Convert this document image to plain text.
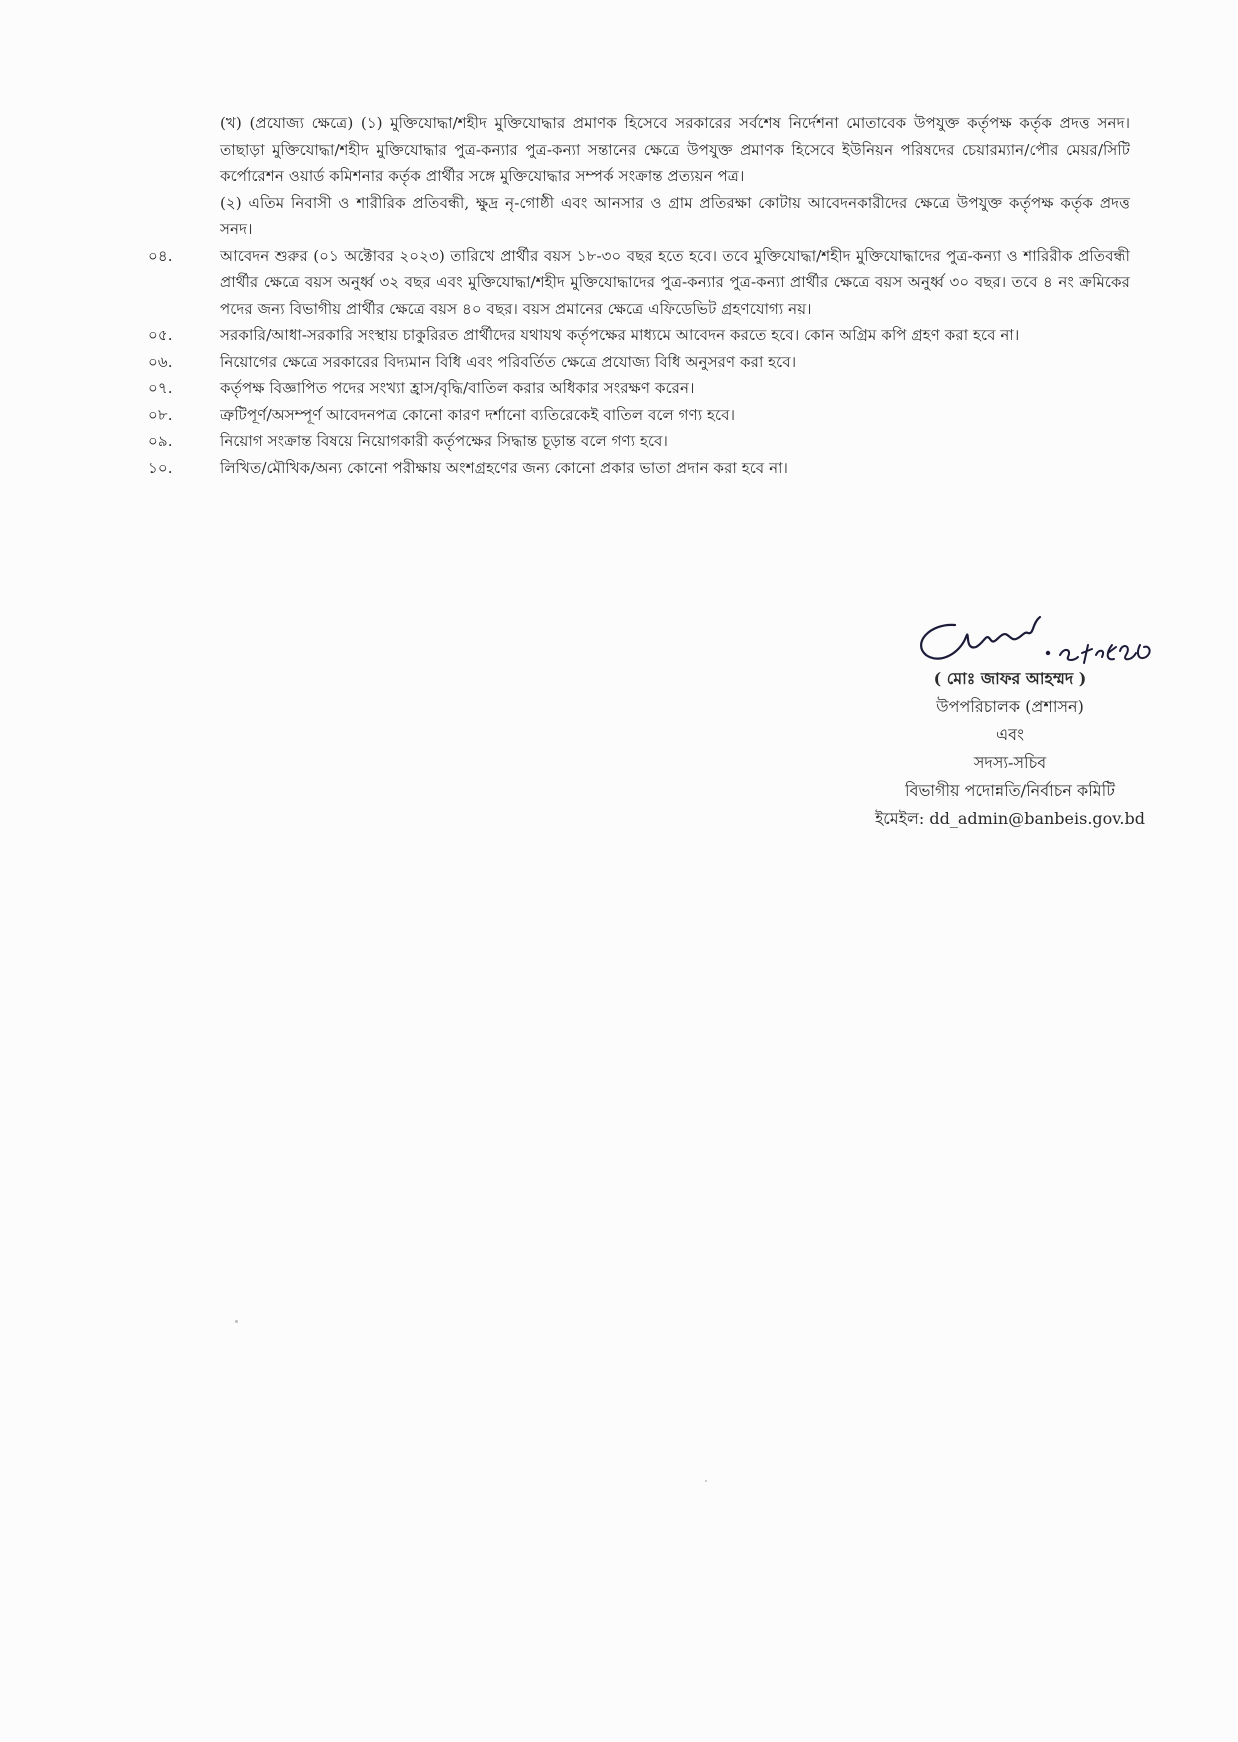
(খ) (প্রযোজ্য ক্ষেত্রে) (১) মুক্তিযোদ্ধা/শহীদ মুক্তিযোদ্ধার প্রমাণক হিসেবে সরকারের সর্বশেষ নির্দেশনা মোতাবেক উপযুক্ত কর্তৃপক্ষ কর্তৃক প্রদত্ত সনদ। তাছাড়া মুক্তিযোদ্ধা/শহীদ মুক্তিযোদ্ধার পুত্র-কন্যার পুত্র-কন্যা সন্তানের ক্ষেত্রে উপযুক্ত প্রমাণক হিসেবে ইউনিয়ন পরিষদের চেয়ারম্যান/পৌর মেয়র/সিটি কর্পোরেশন ওয়ার্ড কমিশনার কর্তৃক প্রার্থীর সঙ্গে মুক্তিযোদ্ধার সম্পর্ক সংক্রান্ত প্রত্যয়ন পত্র।
(২) এতিম নিবাসী ও শারীরিক প্রতিবন্ধী, ক্ষুদ্র নৃ-গোষ্ঠী এবং আনসার ও গ্রাম প্রতিরক্ষা কোটায় আবেদনকারীদের ক্ষেত্রে উপযুক্ত কর্তৃপক্ষ কর্তৃক প্রদত্ত সনদ।
০৪.	আবেদন শুরুর (০১ অক্টোবর ২০২৩) তারিখে প্রার্থীর বয়স ১৮-৩০ বছর হতে হবে। তবে মুক্তিযোদ্ধা/শহীদ মুক্তিযোদ্ধাদের পুত্র-কন্যা ও শারিরীক প্রতিবন্ধী প্রার্থীর ক্ষেত্রে বয়স অনুর্ধ্ব ৩২ বছর এবং মুক্তিযোদ্ধা/শহীদ মুক্তিযোদ্ধাদের পুত্র-কন্যার পুত্র-কন্যা প্রার্থীর ক্ষেত্রে বয়স অনুর্ধ্ব ৩০ বছর। তবে ৪ নং ক্রমিকের পদের জন্য বিভাগীয় প্রার্থীর ক্ষেত্রে বয়স ৪০ বছর। বয়স প্রমানের ক্ষেত্রে এফিডেভিট গ্রহণযোগ্য নয়।
০৫.	সরকারি/আধা-সরকারি সংস্থায় চাকুরিরত প্রার্থীদের যথাযথ কর্তৃপক্ষের মাধ্যমে আবেদন করতে হবে। কোন অগ্রিম কপি গ্রহণ করা হবে না।
০৬.	নিয়োগের ক্ষেত্রে সরকারের বিদ্যমান বিধি এবং পরিবর্তিত ক্ষেত্রে প্রযোজ্য বিধি অনুসরণ করা হবে।
০৭.	কর্তৃপক্ষ বিজ্ঞাপিত পদের সংখ্যা হ্রাস/বৃদ্ধি/বাতিল করার অধিকার সংরক্ষণ করেন।
০৮.	ত্রুটিপূর্ণ/অসম্পূর্ণ আবেদনপত্র কোনো কারণ দর্শানো ব্যতিরেকেই বাতিল বলে গণ্য হবে।
০৯.	নিয়োগ সংক্রান্ত বিষয়ে নিয়োগকারী কর্তৃপক্ষের সিদ্ধান্ত চূড়ান্ত বলে গণ্য হবে।
১০.	লিখিত/মৌখিক/অন্য কোনো পরীক্ষায় অংশগ্রহণের জন্য কোনো প্রকার ভাতা প্রদান করা হবে না।
( মোঃ জাফর আহম্মদ )
উপপরিচালক (প্রশাসন)
এবং
সদস্য-সচিব
বিভাগীয় পদোন্নতি/নির্বাচন কমিটি
ইমেইল: dd_admin@banbeis.gov.bd
